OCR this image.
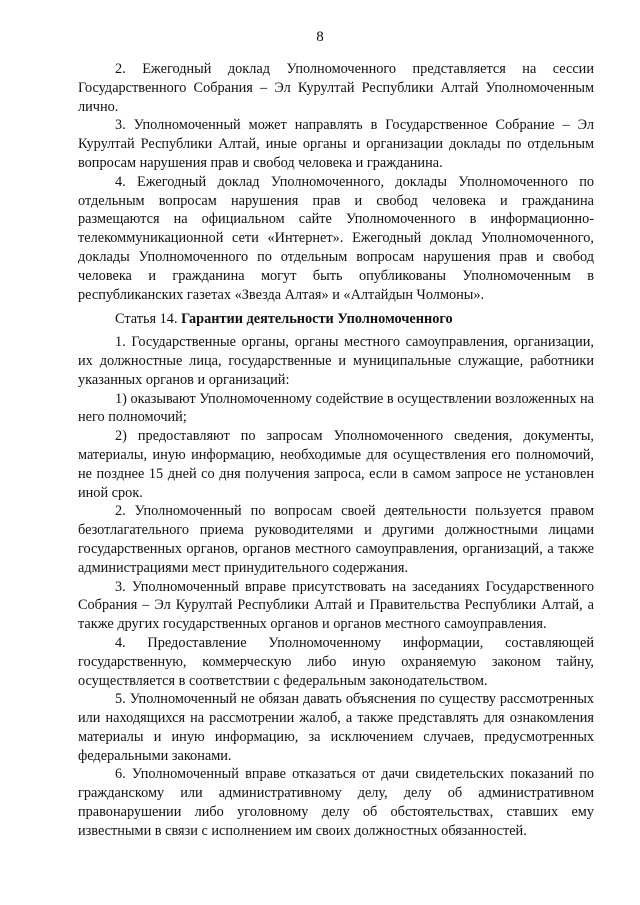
8

2. Ежегодный доклад Уполномоченного представляется на сессии Государственного Собрания – Эл Курултай Республики Алтай Уполномоченным лично.

3. Уполномоченный может направлять в Государственное Собрание – Эл Курултай Республики Алтай, иные органы и организации доклады по отдельным вопросам нарушения прав и свобод человека и гражданина.

4. Ежегодный доклад Уполномоченного, доклады Уполномоченного по отдельным вопросам нарушения прав и свобод человека и гражданина размещаются на официальном сайте Уполномоченного в информационно-телекоммуникационной сети «Интернет». Ежегодный доклад Уполномоченного, доклады Уполномоченного по отдельным вопросам нарушения прав и свобод человека и гражданина могут быть опубликованы Уполномоченным в республиканских газетах «Звезда Алтая» и «Алтайдын Чолмоны».

Статья 14. Гарантии деятельности Уполномоченного

1. Государственные органы, органы местного самоуправления, организации, их должностные лица, государственные и муниципальные служащие, работники указанных органов и организаций:

1) оказывают Уполномоченному содействие в осуществлении возложенных на него полномочий;

2) предоставляют по запросам Уполномоченного сведения, документы, материалы, иную информацию, необходимые для осуществления его полномочий, не позднее 15 дней со дня получения запроса, если в самом запросе не установлен иной срок.

2. Уполномоченный по вопросам своей деятельности пользуется правом безотлагательного приема руководителями и другими должностными лицами государственных органов, органов местного самоуправления, организаций, а также администрациями мест принудительного содержания.

3. Уполномоченный вправе присутствовать на заседаниях Государственного Собрания – Эл Курултай Республики Алтай и Правительства Республики Алтай, а также других государственных органов и органов местного самоуправления.

4. Предоставление Уполномоченному информации, составляющей государственную, коммерческую либо иную охраняемую законом тайну, осуществляется в соответствии с федеральным законодательством.

5. Уполномоченный не обязан давать объяснения по существу рассмотренных или находящихся на рассмотрении жалоб, а также представлять для ознакомления материалы и иную информацию, за исключением случаев, предусмотренных федеральными законами.

6. Уполномоченный вправе отказаться от дачи свидетельских показаний по гражданскому или административному делу, делу об административном правонарушении либо уголовному делу об обстоятельствах, ставших ему известными в связи с исполнением им своих должностных обязанностей.
